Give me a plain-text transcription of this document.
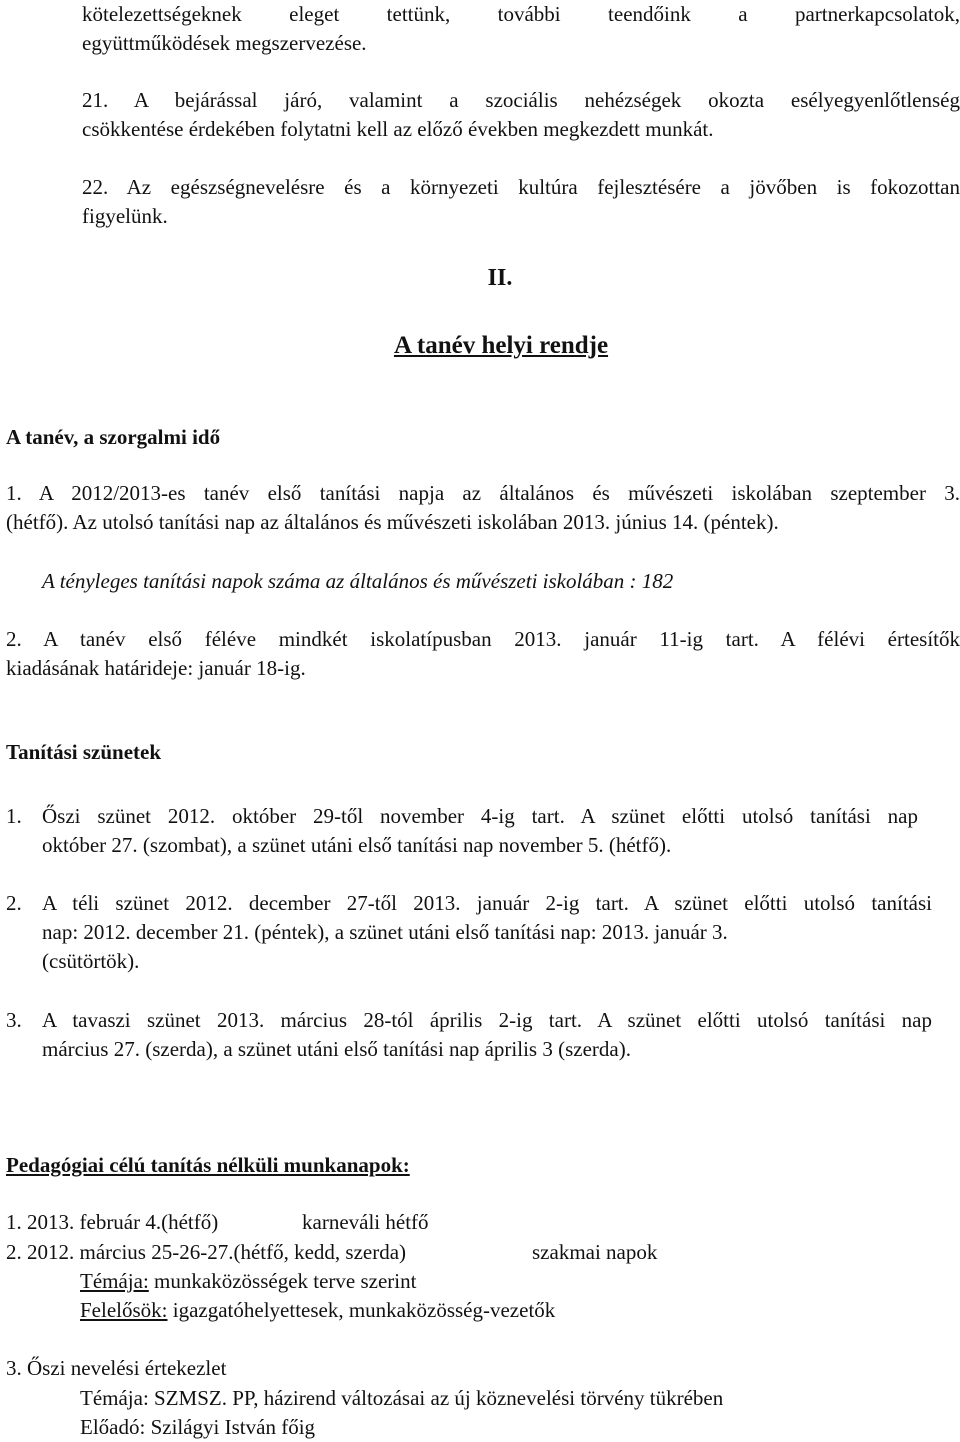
kötelezettségeknek eleget tettünk, további teendőink a partnerkapcsolatok,
együttműködések megszervezése.
21. A bejárással járó, valamint a szociális nehézségek okozta esélyegyenlőtlenség
csökkentése érdekében folytatni kell az előző években megkezdett munkát.
22. Az egészségnevelésre és a környezeti kultúra fejlesztésére a jövőben is fokozottan
figyelünk.
II.
A tanév helyi rendje
A tanév, a szorgalmi idő
1. A 2012/2013-es tanév első tanítási napja az általános és művészeti iskolában szeptember 3.
(hétfő). Az utolsó tanítási nap az általános és művészeti iskolában 2013. június 14. (péntek).
A tényleges tanítási napok száma az általános és művészeti iskolában : 182
2. A tanév első féléve mindkét iskolatípusban 2013. január 11-ig tart. A félévi értesítők
kiadásának határideje: január 18-ig.
Tanítási szünetek
1. Őszi szünet 2012. október 29-től november 4-ig tart. A szünet előtti utolsó tanítási nap
október 27. (szombat), a szünet utáni első tanítási nap november 5. (hétfő).
2. A téli szünet 2012. december 27-től 2013. január 2-ig tart. A szünet előtti utolsó tanítási
nap: 2012. december 21. (péntek), a szünet utáni első tanítási nap: 2013. január 3.
(csütörtök).
3. A tavaszi szünet 2013. március 28-tól április 2-ig tart. A szünet előtti utolsó tanítási nap
március 27. (szerda), a szünet utáni első tanítási nap április 3 (szerda).
Pedagógiai célú tanítás nélküli munkanapok:
1. 2013. február 4.(hétfő)	karneváli hétfő
2. 2012. március 25-26-27.(hétfő, kedd, szerda)	szakmai napok
Témája: munkaközösségek terve szerint
Felelősök: igazgatóhelyettesek, munkaközösség-vezetők
3. Őszi nevelési értekezlet
Témája: SZMSZ. PP, házirend változásai az új köznevelési törvény tükrében
Előadó: Szilágyi István főig
